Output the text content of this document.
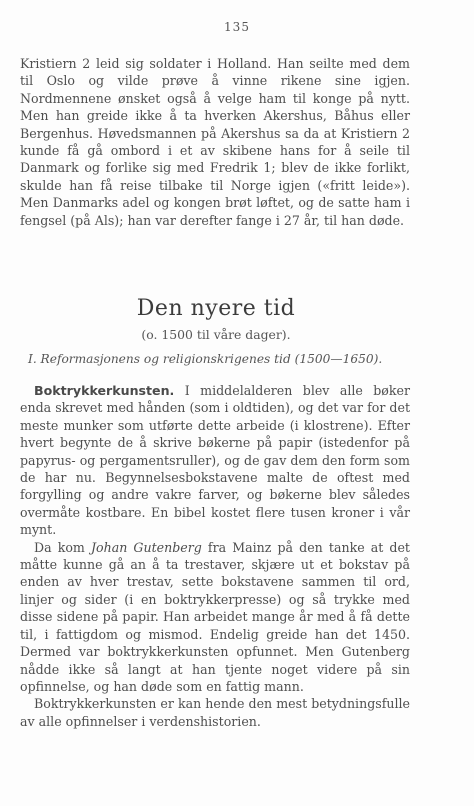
135

Kristiern 2 leid sig soldater i Holland. Han seilte med dem til Oslo og vilde prøve å vinne rikene sine igjen. Nordmennene ønsket også å velge ham til konge på nytt. Men han greide ikke å ta hverken Akershus, Båhus eller Bergenhus. Høvedsmannen på Akershus sa da at Kristiern 2 kunde få gå ombord i et av skibene hans for å seile til Danmark og forlike sig med Fredrik 1; blev de ikke forlikt, skulde han få reise tilbake til Norge igjen («fritt leide»). Men Danmarks adel og kongen brøt løftet, og de satte ham i fengsel (på Als); han var derefter fange i 27 år, til han døde.

Den nyere tid
(o. 1500 til våre dager).
I. Reformasjonens og religionskrigenes tid (1500—1650).

Boktrykkerkunsten. I middelalderen blev alle bøker enda skrevet med hånden (som i oldtiden), og det var for det meste munker som utførte dette arbeide (i klostrene). Efter hvert begynte de å skrive bøkerne på papir (istedenfor på papyrus- og pergamentsruller), og de gav dem den form som de har nu. Begynnelsesbokstavene malte de oftest med forgylling og andre vakre farver, og bøkerne blev således overmåte kostbare. En bibel kostet flere tusen kroner i vår mynt.

Da kom Johan Gutenberg fra Mainz på den tanke at det måtte kunne gå an å ta trestaver, skjære ut et bokstav på enden av hver trestav, sette bokstavene sammen til ord, linjer og sider (i en boktrykkerpresse) og så trykke med disse sidene på papir. Han arbeidet mange år med å få dette til, i fattigdom og mismod. Endelig greide han det 1450. Dermed var boktrykkerkunsten opfunnet. Men Gutenberg nådde ikke så langt at han tjente noget videre på sin opfinnelse, og han døde som en fattig mann.

Boktrykkerkunsten er kan hende den mest betydningsfulle av alle opfinnelser i verdenshistorien.
